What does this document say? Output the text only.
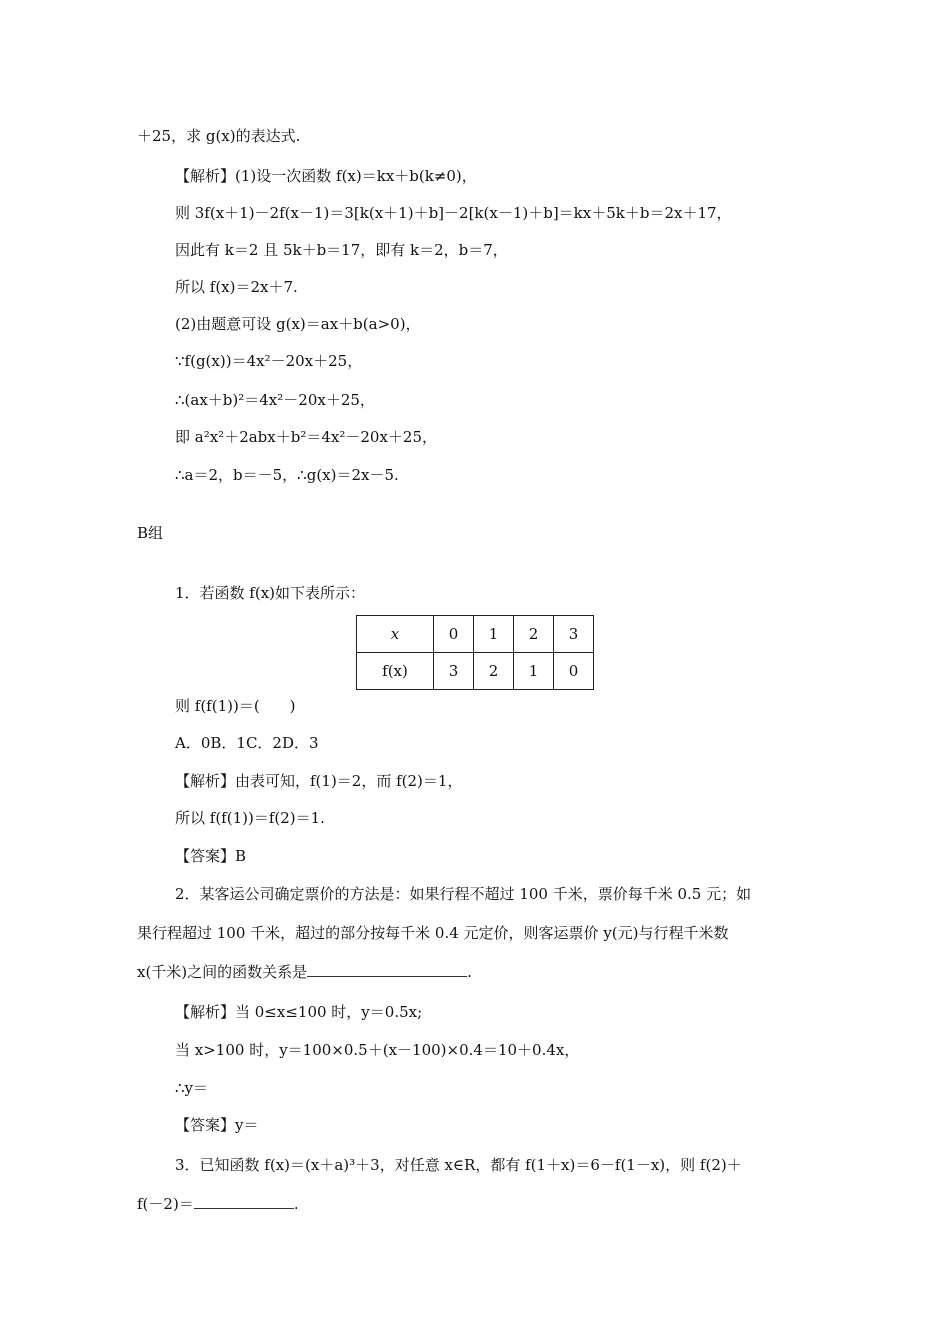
＋25，求 g(x)的表达式.
【解析】(1)设一次函数 f(x)＝kx＋b(k≠0)，
则 3f(x＋1)－2f(x－1)＝3[k(x＋1)＋b]－2[k(x－1)＋b]＝kx＋5k＋b＝2x＋17，
因此有 k＝2 且 5k＋b＝17，即有 k＝2，b＝7，
所以 f(x)＝2x＋7.
(2)由题意可设 g(x)＝ax＋b(a>0)，
∵f(g(x))＝4x²－20x＋25，
∴(ax＋b)²＝4x²－20x＋25，
即 a²x²＋2abx＋b²＝4x²－20x＋25，
∴a＝2，b＝－5，∴g(x)＝2x－5.
B组
1．若函数 f(x)如下表所示：
x	0	1	2	3
f(x)	3	2	1	0
则 f(f(1))＝(　　)
A．0B．1C．2D．3
【解析】由表可知，f(1)＝2，而 f(2)＝1，
所以 f(f(1))＝f(2)＝1.
【答案】B
2．某客运公司确定票价的方法是：如果行程不超过 100 千米，票价每千米 0.5 元；如
果行程超过 100 千米，超过的部分按每千米 0.4 元定价，则客运票价 y(元)与行程千米数
x(千米)之间的函数关系是	.
【解析】当 0≤x≤100 时，y＝0.5x;
当 x>100 时，y＝100×0.5＋(x－100)×0.4＝10＋0.4x，
∴y＝
【答案】y＝
3．已知函数 f(x)＝(x＋a)³＋3，对任意 x∈R，都有 f(1＋x)＝6－f(1－x)，则 f(2)＋
f(－2)＝	.
